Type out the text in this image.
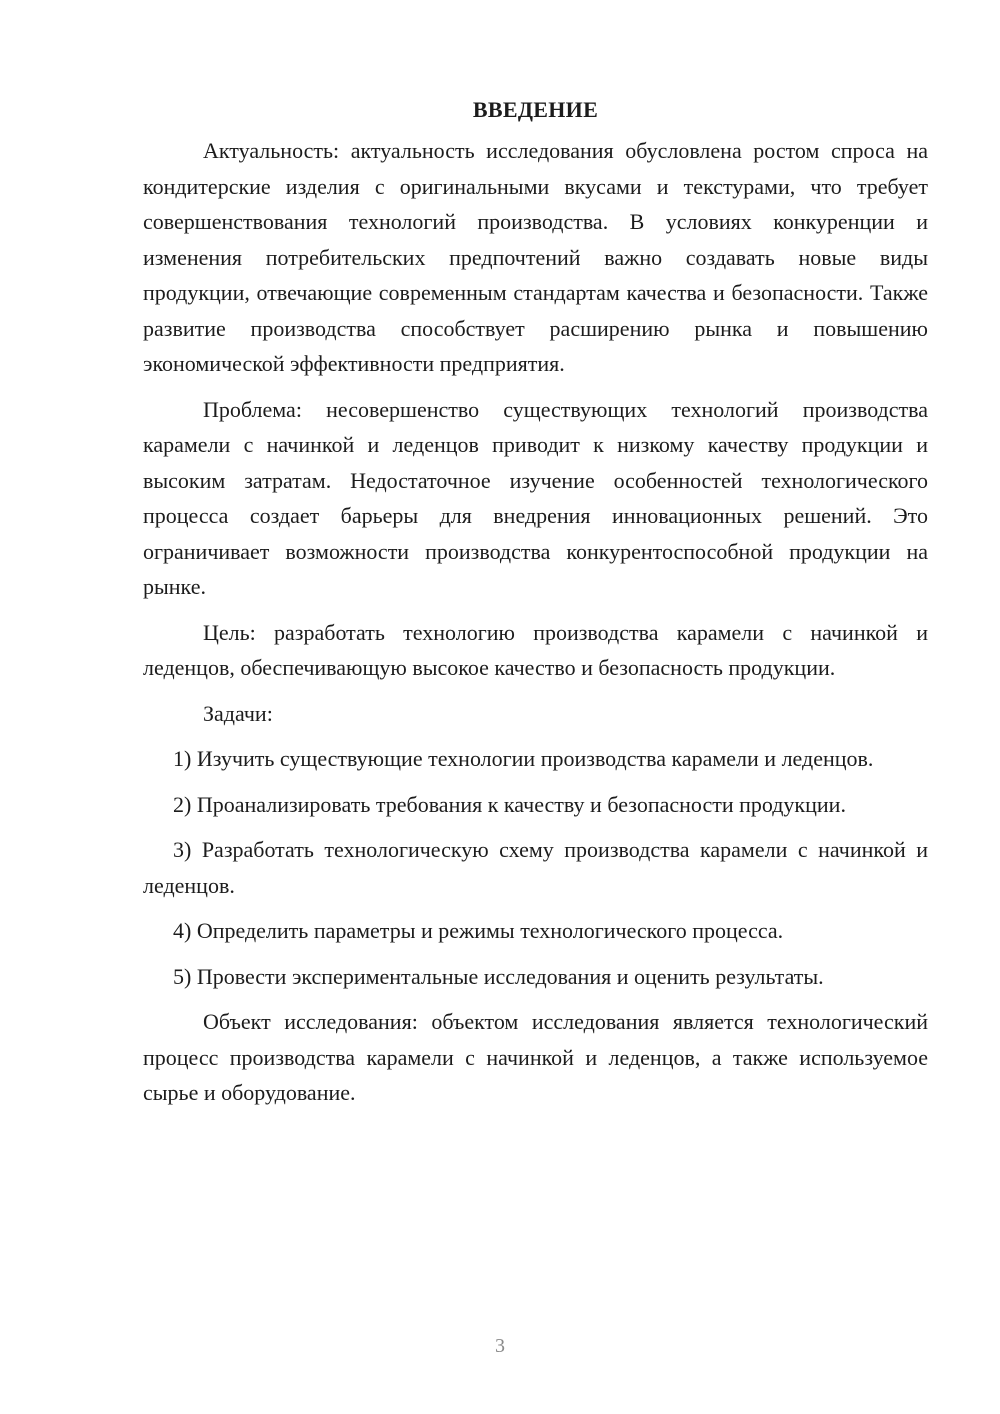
ВВЕДЕНИЕ

Актуальность: актуальность исследования обусловлена ростом спроса на кондитерские изделия с оригинальными вкусами и текстурами, что требует совершенствования технологий производства. В условиях конкуренции и изменения потребительских предпочтений важно создавать новые виды продукции, отвечающие современным стандартам качества и безопасности. Также развитие производства способствует расширению рынка и повышению экономической эффективности предприятия.

Проблема: несовершенство существующих технологий производства карамели с начинкой и леденцов приводит к низкому качеству продукции и высоким затратам. Недостаточное изучение особенностей технологического процесса создает барьеры для внедрения инновационных решений. Это ограничивает возможности производства конкурентоспособной продукции на рынке.

Цель: разработать технологию производства карамели с начинкой и леденцов, обеспечивающую высокое качество и безопасность продукции.

Задачи:

1) Изучить существующие технологии производства карамели и леденцов.

2) Проанализировать требования к качеству и безопасности продукции.

3) Разработать технологическую схему производства карамели с начинкой и леденцов.

4) Определить параметры и режимы технологического процесса.

5) Провести экспериментальные исследования и оценить результаты.

Объект исследования: объектом исследования является технологический процесс производства карамели с начинкой и леденцов, а также используемое сырье и оборудование.

3
